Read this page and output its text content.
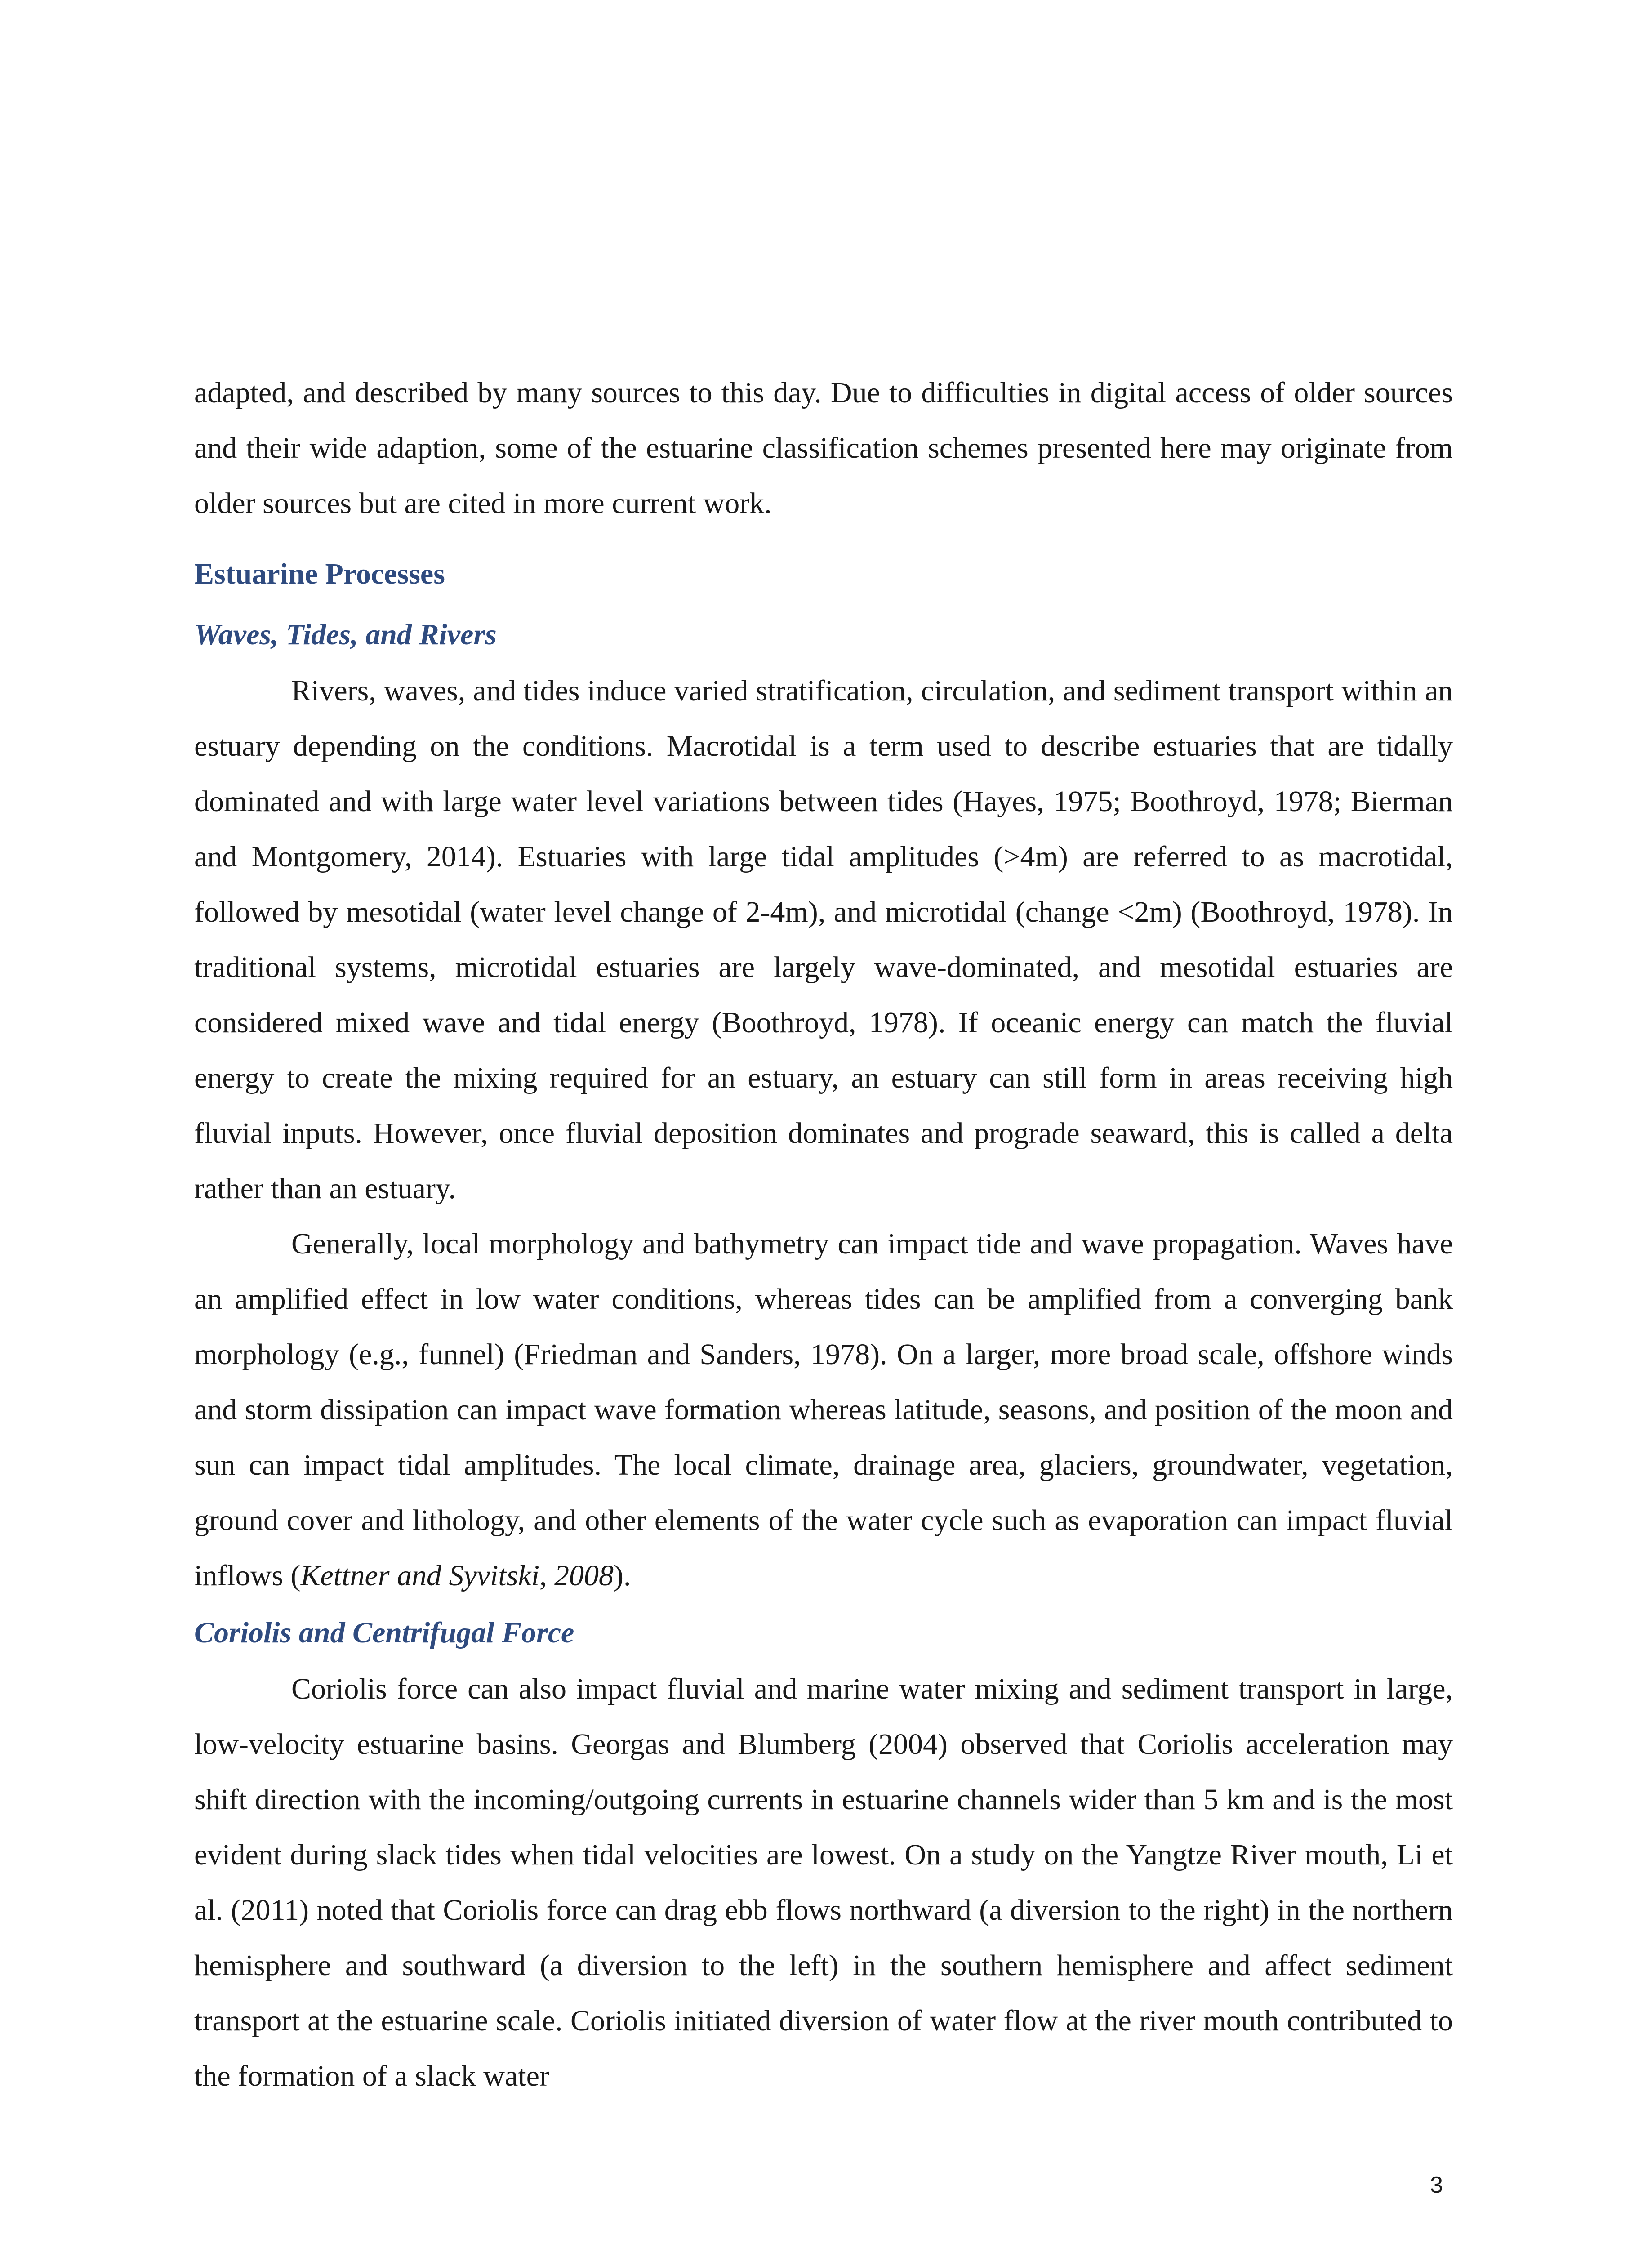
adapted, and described by many sources to this day. Due to difficulties in digital access of older sources and their wide adaption, some of the estuarine classification schemes presented here may originate from older sources but are cited in more current work.

Estuarine Processes
Waves, Tides, and Rivers

Rivers, waves, and tides induce varied stratification, circulation, and sediment transport within an estuary depending on the conditions. Macrotidal is a term used to describe estuaries that are tidally dominated and with large water level variations between tides (Hayes, 1975; Boothroyd, 1978; Bierman and Montgomery, 2014). Estuaries with large tidal amplitudes (>4m) are referred to as macrotidal, followed by mesotidal (water level change of 2-4m), and microtidal (change <2m) (Boothroyd, 1978). In traditional systems, microtidal estuaries are largely wave-dominated, and mesotidal estuaries are considered mixed wave and tidal energy (Boothroyd, 1978). If oceanic energy can match the fluvial energy to create the mixing required for an estuary, an estuary can still form in areas receiving high fluvial inputs. However, once fluvial deposition dominates and prograde seaward, this is called a delta rather than an estuary.

Generally, local morphology and bathymetry can impact tide and wave propagation. Waves have an amplified effect in low water conditions, whereas tides can be amplified from a converging bank morphology (e.g., funnel) (Friedman and Sanders, 1978). On a larger, more broad scale, offshore winds and storm dissipation can impact wave formation whereas latitude, seasons, and position of the moon and sun can impact tidal amplitudes. The local climate, drainage area, glaciers, groundwater, vegetation, ground cover and lithology, and other elements of the water cycle such as evaporation can impact fluvial inflows (Kettner and Syvitski, 2008).

Coriolis and Centrifugal Force

Coriolis force can also impact fluvial and marine water mixing and sediment transport in large, low-velocity estuarine basins. Georgas and Blumberg (2004) observed that Coriolis acceleration may shift direction with the incoming/outgoing currents in estuarine channels wider than 5 km and is the most evident during slack tides when tidal velocities are lowest. On a study on the Yangtze River mouth, Li et al. (2011) noted that Coriolis force can drag ebb flows northward (a diversion to the right) in the northern hemisphere and southward (a diversion to the left) in the southern hemisphere and affect sediment transport at the estuarine scale. Coriolis initiated diversion of water flow at the river mouth contributed to the formation of a slack water

3
